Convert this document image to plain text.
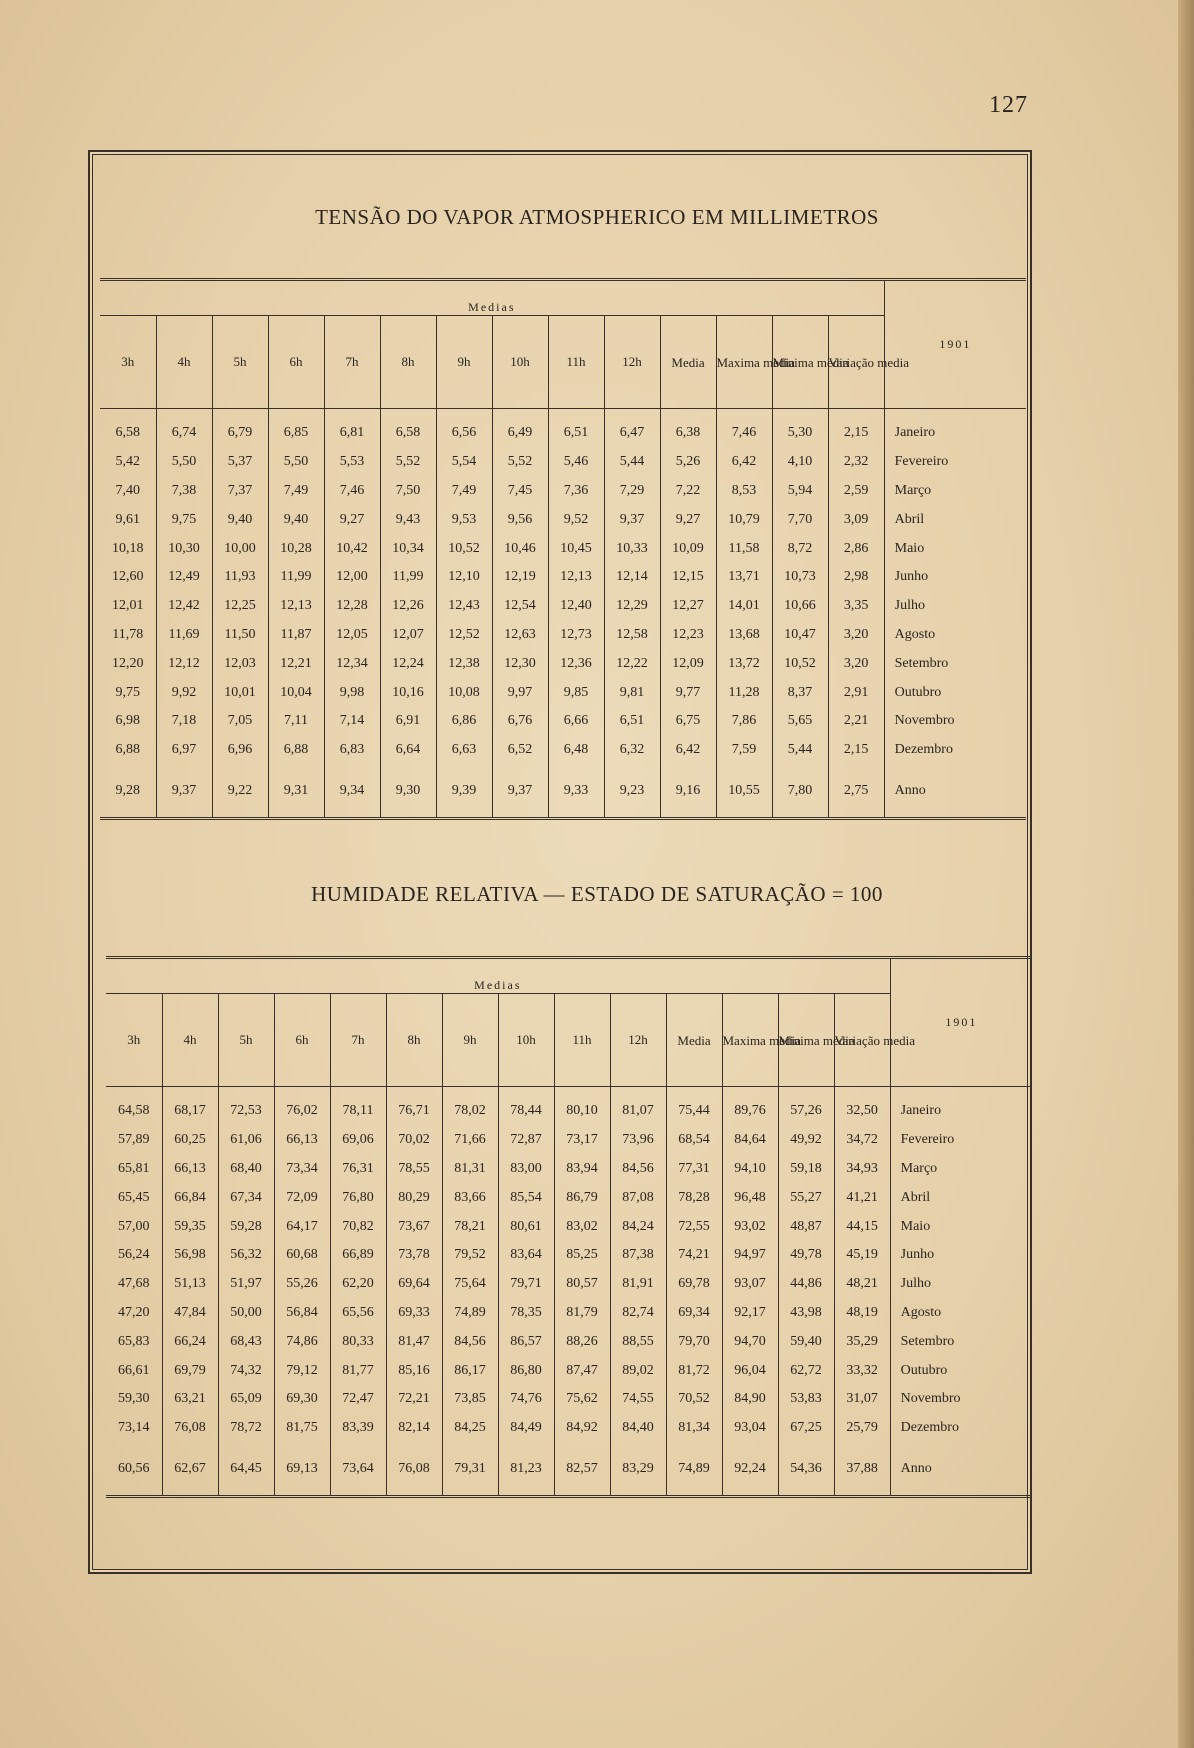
127
TENSÃO DO VAPOR ATMOSPHERICO EM MILLIMETROS
Medias														1901
3h	4h	5h	6h	7h	8h	9h	10h	11h	12h	Media	Maxima media	Minima media	Variação media	
6,58	6,74	6,79	6,85	6,81	6,58	6,56	6,49	6,51	6,47	6,38	7,46	5,30	2,15	Janeiro
5,42	5,50	5,37	5,50	5,53	5,52	5,54	5,52	5,46	5,44	5,26	6,42	4,10	2,32	Fevereiro
7,40	7,38	7,37	7,49	7,46	7,50	7,49	7,45	7,36	7,29	7,22	8,53	5,94	2,59	Março
9,61	9,75	9,40	9,40	9,27	9,43	9,53	9,56	9,52	9,37	9,27	10,79	7,70	3,09	Abril
10,18	10,30	10,00	10,28	10,42	10,34	10,52	10,46	10,45	10,33	10,09	11,58	8,72	2,86	Maio
12,60	12,49	11,93	11,99	12,00	11,99	12,10	12,19	12,13	12,14	12,15	13,71	10,73	2,98	Junho
12,01	12,42	12,25	12,13	12,28	12,26	12,43	12,54	12,40	12,29	12,27	14,01	10,66	3,35	Julho
11,78	11,69	11,50	11,87	12,05	12,07	12,52	12,63	12,73	12,58	12,23	13,68	10,47	3,20	Agosto
12,20	12,12	12,03	12,21	12,34	12,24	12,38	12,30	12,36	12,22	12,09	13,72	10,52	3,20	Setembro
9,75	9,92	10,01	10,04	9,98	10,16	10,08	9,97	9,85	9,81	9,77	11,28	8,37	2,91	Outubro
6,98	7,18	7,05	7,11	7,14	6,91	6,86	6,76	6,66	6,51	6,75	7,86	5,65	2,21	Novembro
6,88	6,97	6,96	6,88	6,83	6,64	6,63	6,52	6,48	6,32	6,42	7,59	5,44	2,15	Dezembro
9,28	9,37	9,22	9,31	9,34	9,30	9,39	9,37	9,33	9,23	9,16	10,55	7,80	2,75	Anno
HUMIDADE RELATIVA — ESTADO DE SATURAÇÃO = 100
Medias														1901
3h	4h	5h	6h	7h	8h	9h	10h	11h	12h	Media	Maxima media	Minima media	Variação media	
64,58	68,17	72,53	76,02	78,11	76,71	78,02	78,44	80,10	81,07	75,44	89,76	57,26	32,50	Janeiro
57,89	60,25	61,06	66,13	69,06	70,02	71,66	72,87	73,17	73,96	68,54	84,64	49,92	34,72	Fevereiro
65,81	66,13	68,40	73,34	76,31	78,55	81,31	83,00	83,94	84,56	77,31	94,10	59,18	34,93	Março
65,45	66,84	67,34	72,09	76,80	80,29	83,66	85,54	86,79	87,08	78,28	96,48	55,27	41,21	Abril
57,00	59,35	59,28	64,17	70,82	73,67	78,21	80,61	83,02	84,24	72,55	93,02	48,87	44,15	Maio
56,24	56,98	56,32	60,68	66,89	73,78	79,52	83,64	85,25	87,38	74,21	94,97	49,78	45,19	Junho
47,68	51,13	51,97	55,26	62,20	69,64	75,64	79,71	80,57	81,91	69,78	93,07	44,86	48,21	Julho
47,20	47,84	50,00	56,84	65,56	69,33	74,89	78,35	81,79	82,74	69,34	92,17	43,98	48,19	Agosto
65,83	66,24	68,43	74,86	80,33	81,47	84,56	86,57	88,26	88,55	79,70	94,70	59,40	35,29	Setembro
66,61	69,79	74,32	79,12	81,77	85,16	86,17	86,80	87,47	89,02	81,72	96,04	62,72	33,32	Outubro
59,30	63,21	65,09	69,30	72,47	72,21	73,85	74,76	75,62	74,55	70,52	84,90	53,83	31,07	Novembro
73,14	76,08	78,72	81,75	83,39	82,14	84,25	84,49	84,92	84,40	81,34	93,04	67,25	25,79	Dezembro
60,56	62,67	64,45	69,13	73,64	76,08	79,31	81,23	82,57	83,29	74,89	92,24	54,36	37,88	Anno
